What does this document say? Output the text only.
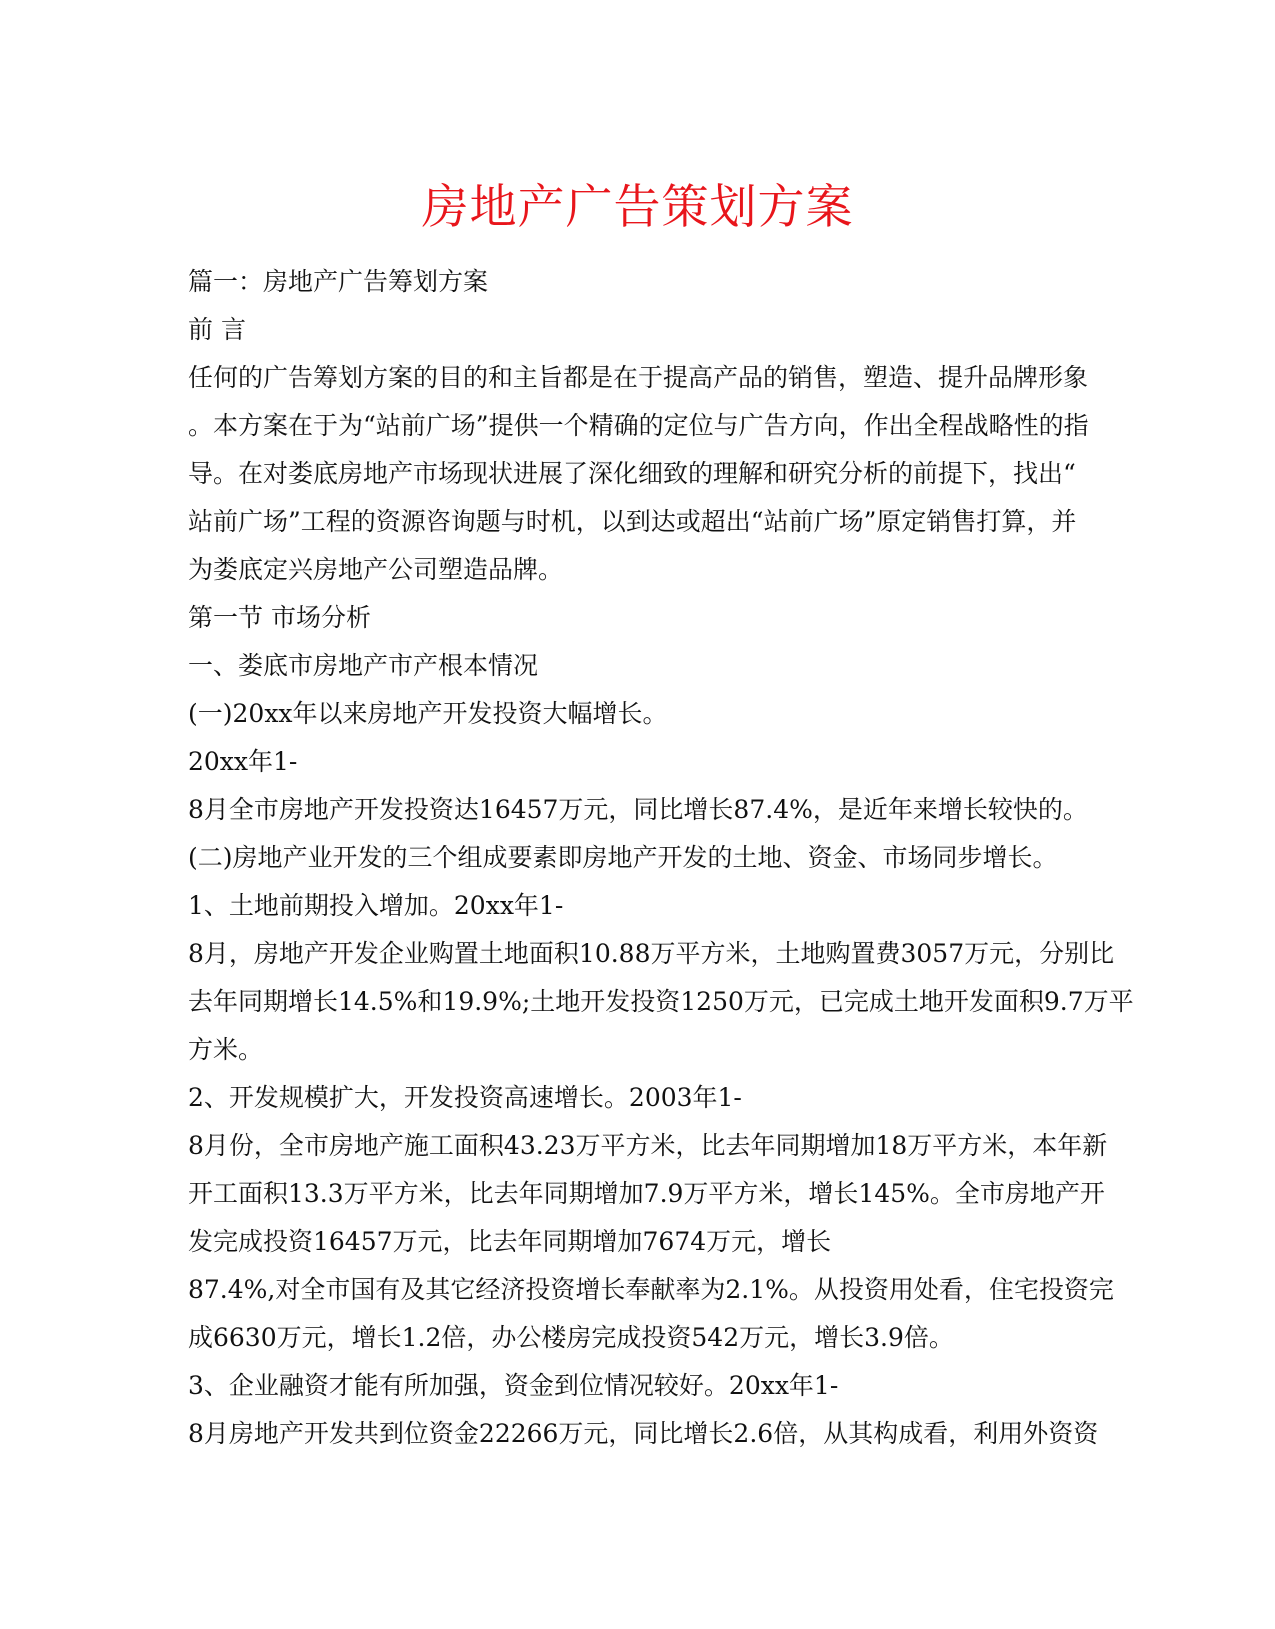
房地产广告策划方案
篇一：房地产广告筹划方案
前 言
任何的广告筹划方案的目的和主旨都是在于提高产品的销售，塑造、提升品牌形象
。本方案在于为“站前广场”提供一个精确的定位与广告方向，作出全程战略性的指
导。在对娄底房地产市场现状进展了深化细致的理解和研究分析的前提下，找出“
站前广场”工程的资源咨询题与时机，以到达或超出“站前广场”原定销售打算，并
为娄底定兴房地产公司塑造品牌。
第一节 市场分析
一、娄底市房地产市产根本情况
(一)20xx年以来房地产开发投资大幅增长。
20xx年1-
8月全市房地产开发投资达16457万元，同比增长87.4%，是近年来增长较快的。
(二)房地产业开发的三个组成要素即房地产开发的土地、资金、市场同步增长。
1、土地前期投入增加。20xx年1-
8月，房地产开发企业购置土地面积10.88万平方米，土地购置费3057万元，分别比
去年同期增长14.5%和19.9%;土地开发投资1250万元，已完成土地开发面积9.7万平
方米。
2、开发规模扩大，开发投资高速增长。2003年1-
8月份，全市房地产施工面积43.23万平方米，比去年同期增加18万平方米，本年新
开工面积13.3万平方米，比去年同期增加7.9万平方米，增长145%。全市房地产开
发完成投资16457万元，比去年同期增加7674万元，增长
87.4%,对全市国有及其它经济投资增长奉献率为2.1%。从投资用处看，住宅投资完
成6630万元，增长1.2倍，办公楼房完成投资542万元，增长3.9倍。
3、企业融资才能有所加强，资金到位情况较好。20xx年1-
8月房地产开发共到位资金22266万元，同比增长2.6倍，从其构成看，利用外资资
